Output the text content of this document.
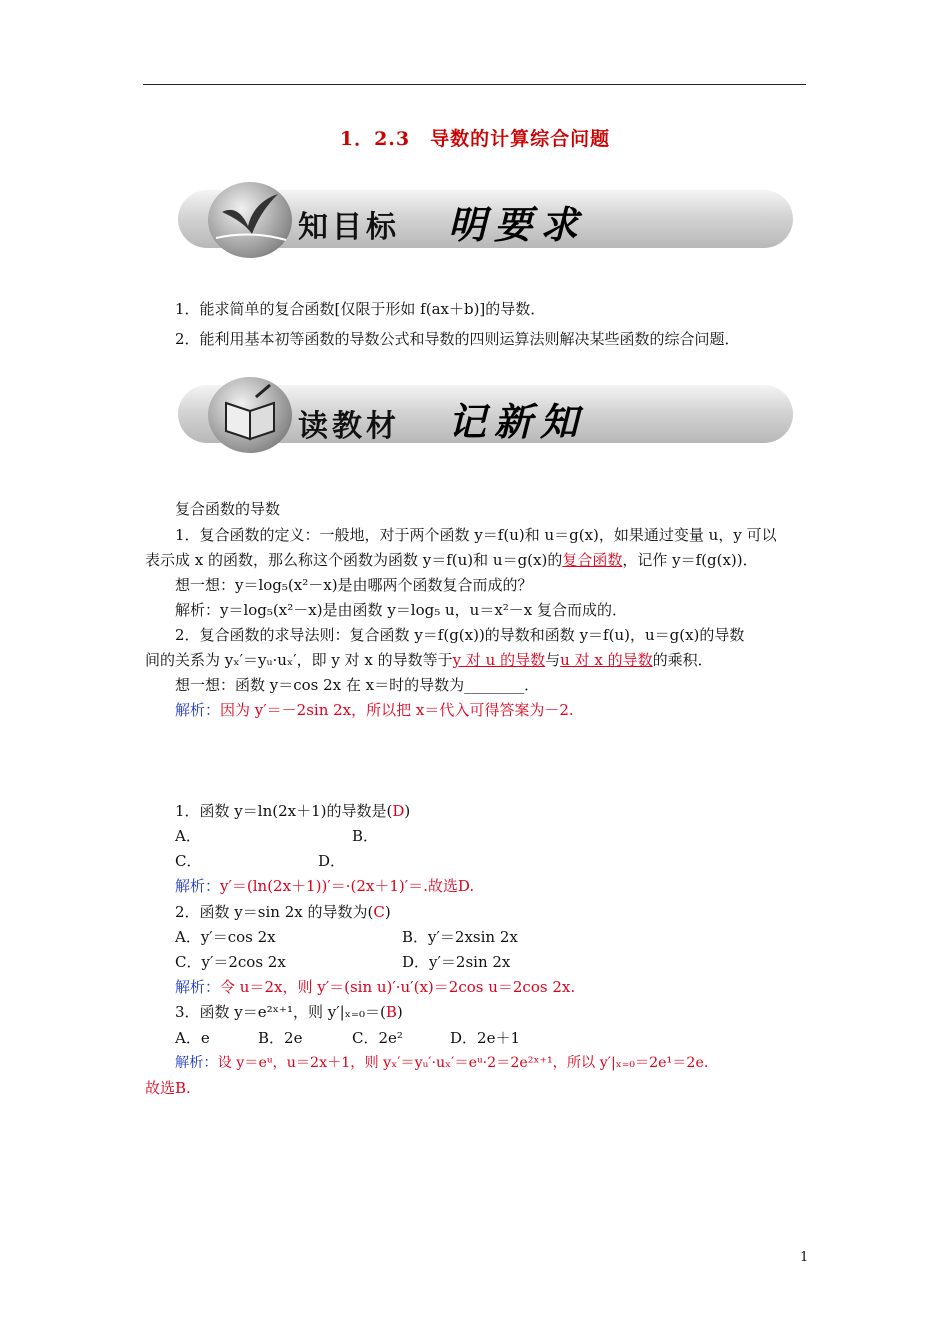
1．2.3　导数的计算综合问题
知目标 明要求
1．能求简单的复合函数[仅限于形如 f(ax＋b)]的导数．
2．能利用基本初等函数的导数公式和导数的四则运算法则解决某些函数的综合问题．
读教材 记新知
复合函数的导数
1．复合函数的定义：一般地，对于两个函数 y＝f(u)和 u＝g(x)，如果通过变量 u，y 可以
表示成 x 的函数，那么称这个函数为函数 y＝f(u)和 u＝g(x)的复合函数，记作 y＝f(g(x))．
想一想：y＝log₅(x²－x)是由哪两个函数复合而成的？
解析：y＝log₅(x²－x)是由函数 y＝log₅ u，u＝x²－x 复合而成的．
2．复合函数的求导法则：复合函数 y＝f(g(x))的导数和函数 y＝f(u)，u＝g(x)的导数
间的关系为 yₓ′＝yᵤ·uₓ′，即 y 对 x 的导数等于y 对 u 的导数与u 对 x 的导数的乘积．
想一想：函数 y＝cos 2x 在 x＝时的导数为________．
解析：因为 y′＝－2sin 2x，所以把 x＝代入可得答案为－2.
1．函数 y＝ln(2x＋1)的导数是(D)
A．	B．
C．	D．
解析：y′＝(ln(2x＋1))′＝·(2x＋1)′＝.故选D.
2．函数 y＝sin 2x 的导数为(C)
A．y′＝cos 2x	B．y′＝2xsin 2x
C．y′＝2cos 2x	D．y′＝2sin 2x
解析：令 u＝2x，则 y′＝(sin u)′·u′(x)＝2cos u＝2cos 2x.
3．函数 y＝e²ˣ⁺¹，则 y′|ₓ₌₀＝(B)
A．e	B．2e	C．2e²	D．2e＋1
解析：设 y＝eᵘ，u＝2x＋1，则 yₓ′＝yᵤ′·uₓ′＝eᵘ·2＝2e²ˣ⁺¹，所以 y′|ₓ₌₀＝2e¹＝2e.
故选B.
1
